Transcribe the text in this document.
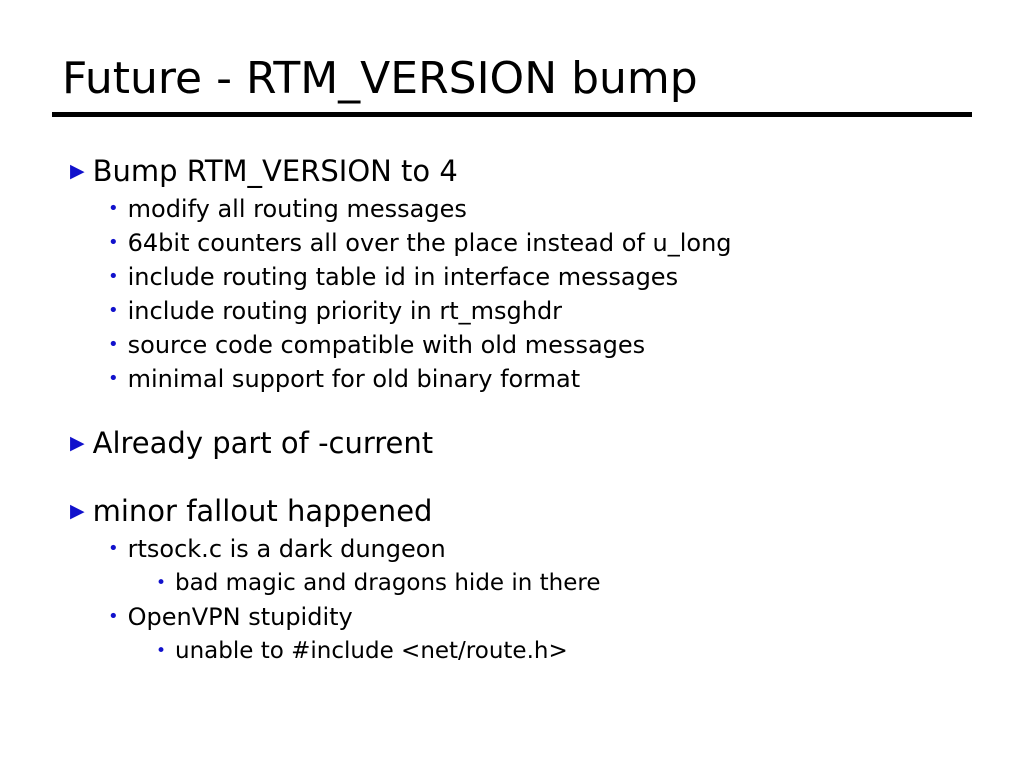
Future - RTM_VERSION bump
▶ Bump RTM_VERSION to 4
• modify all routing messages
• 64bit counters all over the place instead of u_long
• include routing table id in interface messages
• include routing priority in rt_msghdr
• source code compatible with old messages
• minimal support for old binary format
▶ Already part of -current
▶ minor fallout happened
• rtsock.c is a dark dungeon
• bad magic and dragons hide in there
• OpenVPN stupidity
• unable to #include <net/route.h>
